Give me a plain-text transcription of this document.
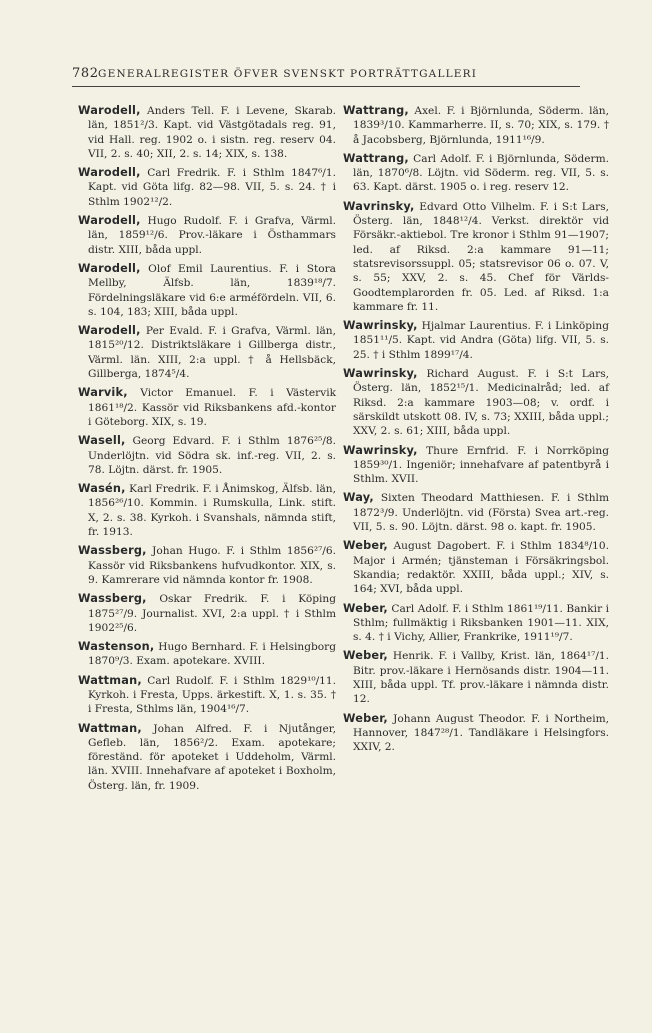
782 GENERALREGISTER ÖFVER SVENSKT PORTRÄTTGALLERI

Warodell, Anders Tell. F. i Levene, Skarab. län, 1851²/3. Kapt. vid Västgötadals reg. 91, vid Hall. reg. 1902 o. i sistn. reg. reserv 04. VII, 2. s. 40; XII, 2. s. 14; XIX, s. 138.

Warodell, Carl Fredrik. F. i Sthlm 1847⁶/1. Kapt. vid Göta lifg. 82—98. VII, 5. s. 24. † i Sthlm 1902¹²/2.

Warodell, Hugo Rudolf. F. i Grafva, Värml. län, 1859¹²/6. Prov.-läkare i Östhammars distr. XIII, båda uppl.

Warodell, Olof Emil Laurentius. F. i Stora Mellby, Älfsb. län, 1839¹⁸/7. Fördelningsläkare vid 6:e arméfördeln. VII, 6. s. 104, 183; XIII, båda uppl.

Warodell, Per Evald. F. i Grafva, Värml. län, 1815²⁰/12. Distriktsläkare i Gillberga distr., Värml. län. XIII, 2:a uppl. † å Hellsbäck, Gillberga, 1874⁵/4.

Warvik, Victor Emanuel. F. i Västervik 1861¹⁸/2. Kassör vid Riksbankens afd.-kontor i Göteborg. XIX, s. 19.

Wasell, Georg Edvard. F. i Sthlm 1876²⁵/8. Underlöjtn. vid Södra sk. inf.-reg. VII, 2. s. 78. Löjtn. därst. fr. 1905.

Wasén, Karl Fredrik. F. i Ånimskog, Älfsb. län, 1856²⁶/10. Kommin. i Rumskulla, Link. stift. X, 2. s. 38. Kyrkoh. i Svanshals, nämnda stift, fr. 1913.

Wassberg, Johan Hugo. F. i Sthlm 1856²⁷/6. Kassör vid Riksbankens hufvudkontor. XIX, s. 9. Kamrerare vid nämnda kontor fr. 1908.

Wassberg, Oskar Fredrik. F. i Köping 1875²⁷/9. Journalist. XVI, 2:a uppl. † i Sthlm 1902²⁵/6.

Wastenson, Hugo Bernhard. F. i Helsingborg 1870⁹/3. Exam. apotekare. XVIII.

Wattman, Carl Rudolf. F. i Sthlm 1829¹⁰/11. Kyrkoh. i Fresta, Upps. ärkestift. X, 1. s. 35. † i Fresta, Sthlms län, 1904¹⁶/7.

Wattman, Johan Alfred. F. i Njutånger, Gefleb. län, 1856²/2. Exam. apotekare; föreständ. för apoteket i Uddeholm, Värml. län. XVIII. Innehafvare af apoteket i Boxholm, Österg. län, fr. 1909.

Wattrang, Axel. F. i Björnlunda, Söderm. län, 1839³/10. Kammarherre. II, s. 70; XIX, s. 179. † å Jacobsberg, Björnlunda, 1911¹⁶/9.

Wattrang, Carl Adolf. F. i Björnlunda, Söderm. län, 1870⁶/8. Löjtn. vid Söderm. reg. VII, 5. s. 63. Kapt. därst. 1905 o. i reg. reserv 12.

Wavrinsky, Edvard Otto Vilhelm. F. i S:t Lars, Österg. län, 1848¹²/4. Verkst. direktör vid Försäkr.-aktiebol. Tre kronor i Sthlm 91—1907; led. af Riksd. 2:a kammare 91—11; statsrevisorssuppl. 05; statsrevisor 06 o. 07. V, s. 55; XXV, 2. s. 45. Chef för Världs-Goodtemplarorden fr. 05. Led. af Riksd. 1:a kammare fr. 11.

Wawrinsky, Hjalmar Laurentius. F. i Linköping 1851¹¹/5. Kapt. vid Andra (Göta) lifg. VII, 5. s. 25. † i Sthlm 1899¹⁷/4.

Wawrinsky, Richard August. F. i S:t Lars, Österg. län, 1852¹⁵/1. Medicinalråd; led. af Riksd. 2:a kammare 1903—08; v. ordf. i särskildt utskott 08. IV, s. 73; XXIII, båda uppl.; XXV, 2. s. 61; XIII, båda uppl.

Wawrinsky, Thure Ernfrid. F. i Norrköping 1859³⁰/1. Ingeniör; innehafvare af patentbyrå i Sthlm. XVII.

Way, Sixten Theodard Matthiesen. F. i Sthlm 1872³/9. Underlöjtn. vid (Första) Svea art.-reg. VII, 5. s. 90. Löjtn. därst. 98 o. kapt. fr. 1905.

Weber, August Dagobert. F. i Sthlm 1834⁸/10. Major i Armén; tjänsteman i Försäkringsbol. Skandia; redaktör. XXIII, båda uppl.; XIV, s. 164; XVI, båda uppl.

Weber, Carl Adolf. F. i Sthlm 1861¹⁹/11. Bankir i Sthlm; fullmäktig i Riksbanken 1901—11. XIX, s. 4. † i Vichy, Allier, Frankrike, 1911¹⁹/7.

Weber, Henrik. F. i Vallby, Krist. län, 1864¹⁷/1. Bitr. prov.-läkare i Hernösands distr. 1904—11. XIII, båda uppl. Tf. prov.-läkare i nämnda distr. 12.

Weber, Johann August Theodor. F. i Northeim, Hannover, 1847²⁸/1. Tandläkare i Helsingfors. XXIV, 2.
